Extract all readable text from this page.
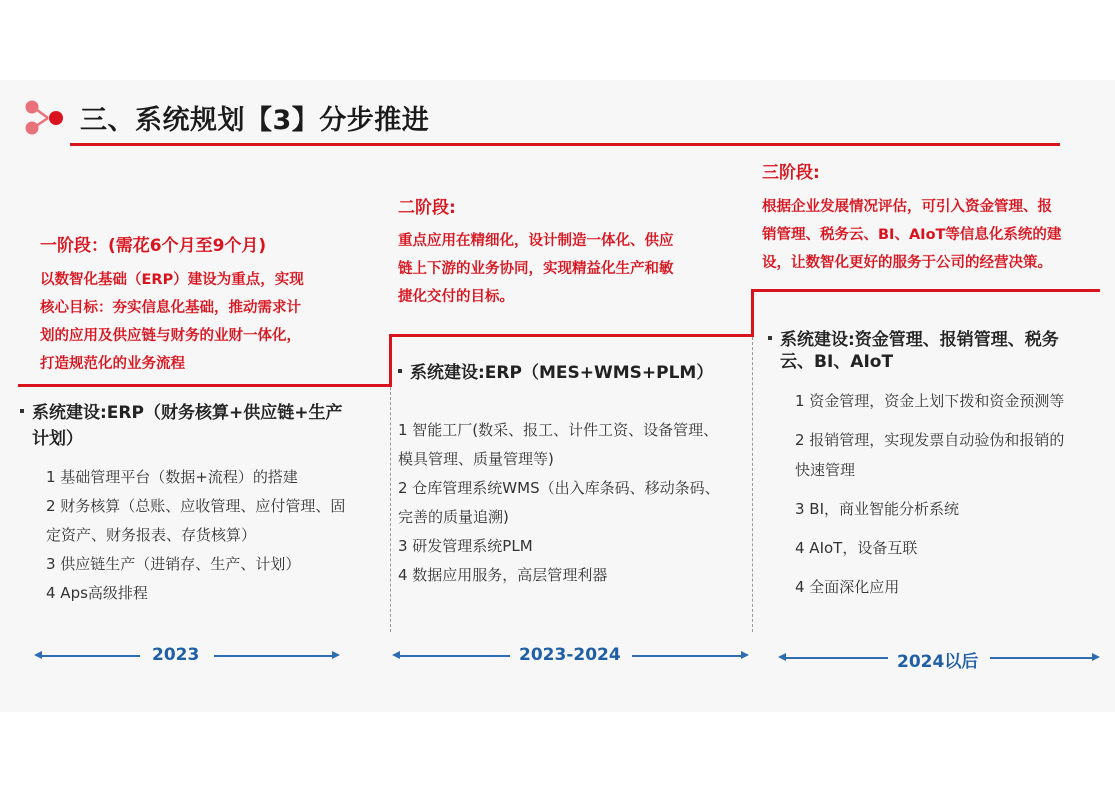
三、系统规划【3】分步推进
一阶段：(需花6个月至9个月)
以数智化基础（ERP）建设为重点，实现
核心目标：夯实信息化基础，推动需求计
划的应用及供应链与财务的业财一体化，
打造规范化的业务流程
二阶段:
重点应用在精细化，设计制造一体化、供应
链上下游的业务协同，实现精益化生产和敏
捷化交付的目标。
三阶段:
根据企业发展情况评估，可引入资金管理、报
销管理、税务云、BI、AIoT等信息化系统的建
设，让数智化更好的服务于公司的经营决策。
系统建设:ERP（财务核算+供应链+生产
计划）
1 基础管理平台（数据+流程）的搭建
2 财务核算（总账、应收管理、应付管理、固
定资产、财务报表、存货核算）
3 供应链生产（进销存、生产、计划）
4 Aps高级排程
系统建设:ERP（MES+WMS+PLM）
1 智能工厂(数采、报工、计件工资、设备管理、
模具管理、质量管理等)
2 仓库管理系统WMS（出入库条码、移动条码、
完善的质量追溯)
3 研发管理系统PLM
4 数据应用服务，高层管理利器
系统建设:资金管理、报销管理、税务
云、BI、AIoT
1 资金管理，资金上划下拨和资金预测等
2 报销管理，实现发票自动验伪和报销的
快速管理
3 BI，商业智能分析系统
4 AIoT，设备互联
4 全面深化应用
2023	2023-2024	2024以后
